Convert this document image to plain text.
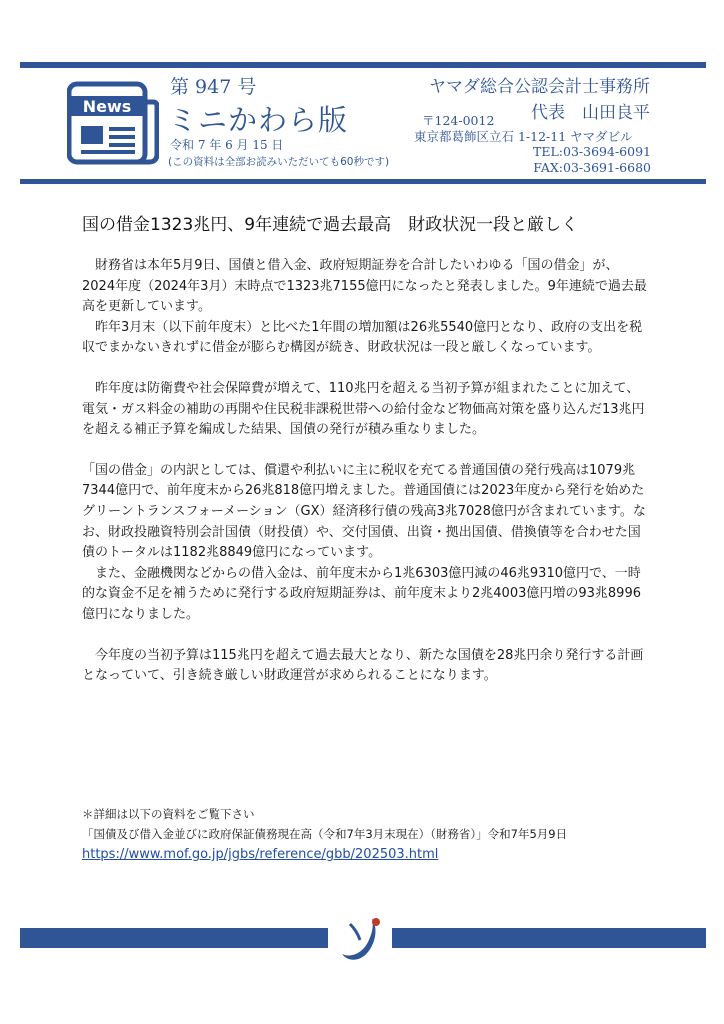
News
第 947 号
ミニかわら版
令和 7 年 6 月 15 日
(この資料は全部お読みいただいても60秒です)
ヤマダ総合公認会計士事務所
代表　山田良平
〒124-0012
東京都葛飾区立石 1-12-11 ヤマダビル
TEL:03-3694-6091
FAX:03-3691-6680
国の借金1323兆円、9年連続で過去最高　財政状況一段と厳しく

財務省は本年5月9日、国債と借入金、政府短期証券を合計したいわゆる「国の借金」が、2024年度（2024年3月）末時点で1323兆7155億円になったと発表しました。9年連続で過去最高を更新しています。

昨年3月末（以下前年度末）と比べた1年間の増加額は26兆5540億円となり、政府の支出を税収でまかないきれずに借金が膨らむ構図が続き、財政状況は一段と厳しくなっています。

昨年度は防衛費や社会保障費が増えて、110兆円を超える当初予算が組まれたことに加えて、電気・ガス料金の補助の再開や住民税非課税世帯への給付金など物価高対策を盛り込んだ13兆円を超える補正予算を編成した結果、国債の発行が積み重なりました。

「国の借金」の内訳としては、償還や利払いに主に税収を充てる普通国債の発行残高は1079兆7344億円で、前年度末から26兆818億円増えました。普通国債には2023年度から発行を始めたグリーントランスフォーメーション（GX）経済移行債の残高3兆7028億円が含まれています。なお、財政投融資特別会計国債（財投債）や、交付国債、出資・拠出国債、借換債等を合わせた国債のトータルは1182兆8849億円になっています。

また、金融機関などからの借入金は、前年度末から1兆6303億円減の46兆9310億円で、一時的な資金不足を補うために発行する政府短期証券は、前年度末より2兆4003億円増の93兆8996億円になりました。

今年度の当初予算は115兆円を超えて過去最大となり、新たな国債を28兆円余り発行する計画となっていて、引き続き厳しい財政運営が求められることになります。

＊詳細は以下の資料をご覧下さい
「国債及び借入金並びに政府保証債務現在高（令和7年3月末現在）（財務省）」令和7年5月9日
https://www.mof.go.jp/jgbs/reference/gbb/202503.html
